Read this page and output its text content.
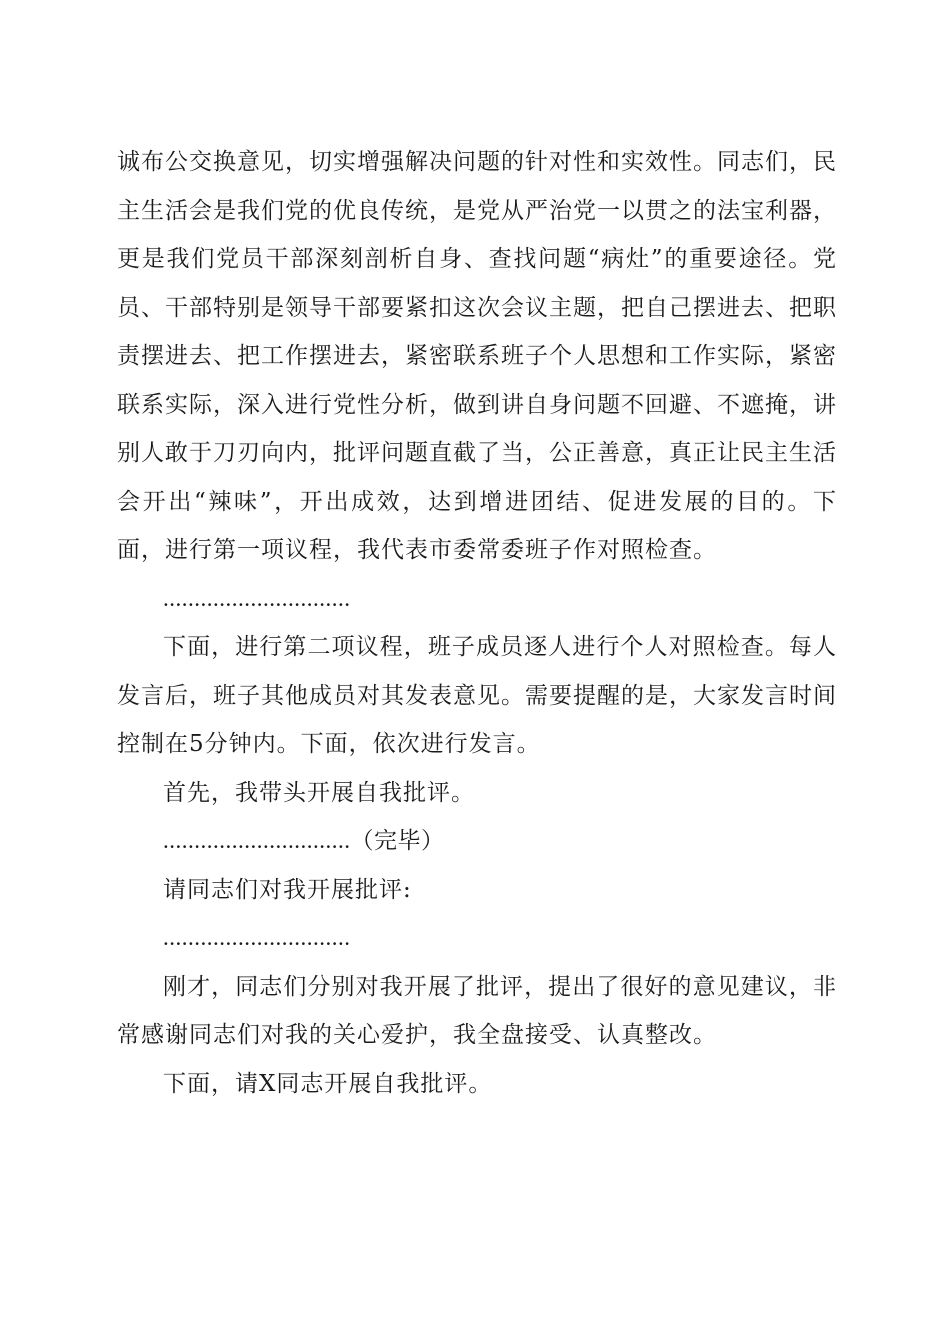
诚布公交换意见，切实增强解决问题的针对性和实效性。同志们，民主生活会是我们党的优良传统，是党从严治党一以贯之的法宝利器，更是我们党员干部深刻剖析自身、查找问题“病灶”的重要途径。党员、干部特别是领导干部要紧扣这次会议主题，把自己摆进去、把职责摆进去、把工作摆进去，紧密联系班子个人思想和工作实际，紧密联系实际，深入进行党性分析，做到讲自身问题不回避、不遮掩，讲别人敢于刀刃向内，批评问题直截了当，公正善意，真正让民主生活会开出“辣味”，开出成效，达到增进团结、促进发展的目的。下面，进行第一项议程，我代表市委常委班子作对照检查。

..............................

下面，进行第二项议程，班子成员逐人进行个人对照检查。每人发言后，班子其他成员对其发表意见。需要提醒的是，大家发言时间控制在5分钟内。下面，依次进行发言。

首先，我带头开展自我批评。

..............................（完毕）

请同志们对我开展批评:

..............................

刚才，同志们分别对我开展了批评，提出了很好的意见建议，非常感谢同志们对我的关心爱护，我全盘接受、认真整改。

下面，请X同志开展自我批评。
